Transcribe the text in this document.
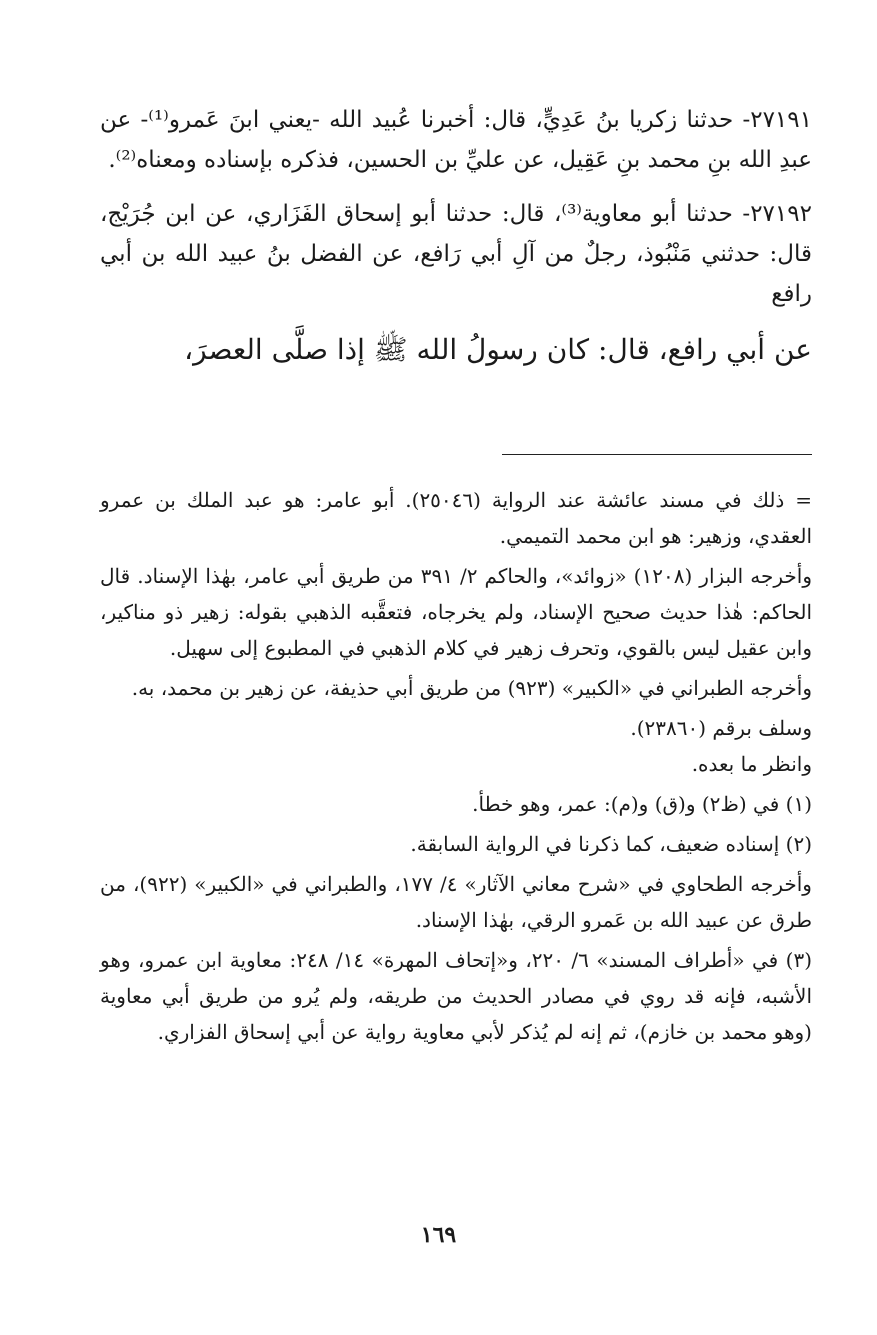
٢٧١٩١- حدثنا زكريا بنُ عَدِيٍّ، قال: أخبرنا عُبيد الله -يعني ابنَ عَمرو⁽¹⁾- عن عبدِ الله بنِ محمد بنِ عَقِيل، عن عليِّ بن الحسين، فذكره بإسناده ومعناه⁽²⁾.

٢٧١٩٢- حدثنا أبو معاوية⁽³⁾، قال: حدثنا أبو إسحاق الفَزَاري، عن ابن جُرَيْج، قال: حدثني مَنْبُوذ، رجلٌ من آلِ أبي رَافع، عن الفضل بنُ عبيد الله بن أبي رافع

عن أبي رافع، قال: كان رسولُ الله ﷺ إذا صلَّى العصرَ،

= ذلك في مسند عائشة عند الرواية (٢٥٠٤٦). أبو عامر: هو عبد الملك بن عمرو العقدي، وزهير: هو ابن محمد التميمي.

وأخرجه البزار (١٢٠٨) «زوائد»، والحاكم ٢/ ٣٩١ من طريق أبي عامر، بهٰذا الإسناد. قال الحاكم: هٰذا حديث صحيح الإسناد، ولم يخرجاه، فتعقَّبه الذهبي بقوله: زهير ذو مناكير، وابن عقيل ليس بالقوي، وتحرف زهير في كلام الذهبي في المطبوع إلى سهيل.

وأخرجه الطبراني في «الكبير» (٩٢٣) من طريق أبي حذيفة، عن زهير بن محمد، به.

وسلف برقم (٢٣٨٦٠).

وانظر ما بعده.

(١) في (ظ٢) و(ق) و(م): عمر، وهو خطأ.

(٢) إسناده ضعيف، كما ذكرنا في الرواية السابقة.

وأخرجه الطحاوي في «شرح معاني الآثار» ٤/ ١٧٧، والطبراني في «الكبير» (٩٢٢)، من طرق عن عبيد الله بن عَمرو الرقي، بهٰذا الإسناد.

(٣) في «أطراف المسند» ٦/ ٢٢٠، و«إتحاف المهرة» ١٤/ ٢٤٨: معاوية ابن عمرو، وهو الأشبه، فإنه قد روي في مصادر الحديث من طريقه، ولم يُرو من طريق أبي معاوية (وهو محمد بن خازم)، ثم إنه لم يُذكر لأبي معاوية رواية عن أبي إسحاق الفزاري.

١٦٩
